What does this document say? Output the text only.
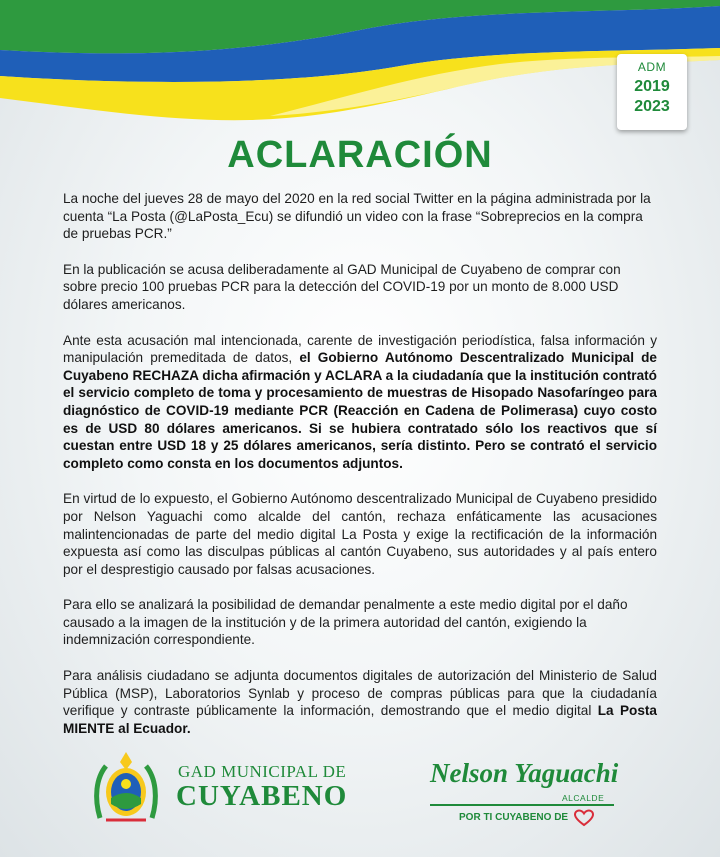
ADM
2019
2023
ACLARACIÓN

La noche del jueves 28 de mayo del 2020 en la red social Twitter en la página administrada por la cuenta “La Posta (@LaPosta_Ecu) se difundió un video con la frase “Sobreprecios en la compra de pruebas PCR.”

En la publicación se acusa deliberadamente al GAD Municipal de Cuyabeno de comprar con sobre precio 100 pruebas PCR para la detección del COVID-19 por un monto de 8.000 USD dólares americanos.

Ante esta acusación mal intencionada, carente de investigación periodística, falsa información y manipulación premeditada de datos, el Gobierno Autónomo Descentralizado Municipal de Cuyabeno RECHAZA dicha afirmación y ACLARA a la ciudadanía que la institución contrató el servicio completo de toma y procesamiento de muestras de Hisopado Nasofaríngeo para diagnóstico de COVID-19 mediante PCR (Reacción en Cadena de Polimerasa) cuyo costo es de USD 80 dólares americanos. Si se hubiera contratado sólo los reactivos que sí cuestan entre USD 18 y 25 dólares americanos, sería distinto. Pero se contrató el servicio completo como consta en los documentos adjuntos.

En virtud de lo expuesto, el Gobierno Autónomo descentralizado Municipal de Cuyabeno presidido por Nelson Yaguachi como alcalde del cantón, rechaza enfáticamente las acusaciones malintencionadas de parte del medio digital La Posta y exige la rectificación de la información expuesta así como las disculpas públicas al cantón Cuyabeno, sus autoridades y al país entero por el desprestigio causado por falsas acusaciones.

Para ello se analizará la posibilidad de demandar penalmente a este medio digital por el daño causado a la imagen de la institución y de la primera autoridad del cantón, exigiendo la indemnización correspondiente.

Para análisis ciudadano se adjunta documentos digitales de autorización del Ministerio de Salud Pública (MSP), Laboratorios Synlab y proceso de compras públicas para que la ciudadanía verifique y contraste públicamente la información, demostrando que el medio digital La Posta MIENTE al Ecuador.

GAD MUNICIPAL DE
CUYABENO
Nelson Yaguachi
ALCALDE
POR TI CUYABENO DE
